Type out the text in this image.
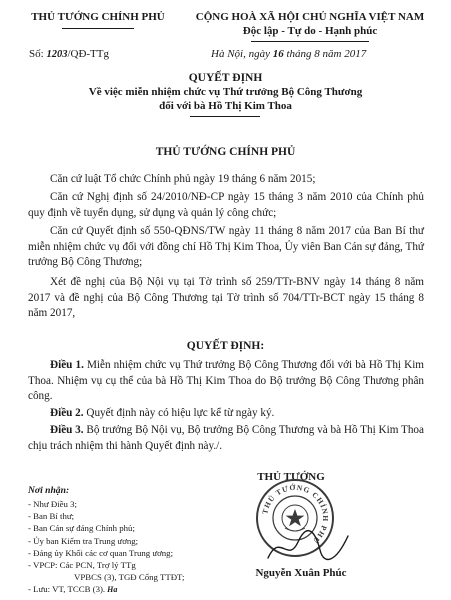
THỦ TƯỚNG CHÍNH PHỦ	CỘNG HOÀ XÃ HỘI CHỦ NGHĨA VIỆT NAM
Độc lập - Tự do - Hạnh phúc
Số: 1203/QĐ-TTg	Hà Nội, ngày 16 tháng 8 năm 2017
QUYẾT ĐỊNH
Về việc miễn nhiệm chức vụ Thứ trưởng Bộ Công Thương
đối với bà Hồ Thị Kim Thoa
THỦ TƯỚNG CHÍNH PHỦ
Căn cứ luật Tổ chức Chính phủ ngày 19 tháng 6 năm 2015;
Căn cứ Nghị định số 24/2010/NĐ-CP ngày 15 tháng 3 năm 2010 của Chính phủ quy định về tuyển dụng, sử dụng và quản lý công chức;
Căn cứ Quyết định số 550-QĐNS/TW ngày 11 tháng 8 năm 2017 của Ban Bí thư miễn nhiệm chức vụ đối với đồng chí Hồ Thị Kim Thoa, Ủy viên Ban Cán sự đảng, Thứ trưởng Bộ Công Thương;
Xét đề nghị của Bộ Nội vụ tại Tờ trình số 259/TTr-BNV ngày 14 tháng 8 năm 2017 và đề nghị của Bộ Công Thương tại Tờ trình số 704/TTr-BCT ngày 15 tháng 8 năm 2017,
QUYẾT ĐỊNH:
Điều 1. Miễn nhiệm chức vụ Thứ trưởng Bộ Công Thương đối với bà Hồ Thị Kim Thoa. Nhiệm vụ cụ thể của bà Hồ Thị Kim Thoa do Bộ trưởng Bộ Công Thương phân công.
Điều 2. Quyết định này có hiệu lực kể từ ngày ký.
Điều 3. Bộ trưởng Bộ Nội vụ, Bộ trưởng Bộ Công Thương và bà Hồ Thị Kim Thoa chịu trách nhiệm thi hành Quyết định này./.
THỦ TƯỚNG
THỦ TƯỚNG CHÍNH PHỦ
Nguyễn Xuân Phúc
Nơi nhận:
- Như Điều 3;
- Ban Bí thư;
- Ban Cán sự đảng Chính phủ;
- Ủy ban Kiểm tra Trung ương;
- Đảng ủy Khối các cơ quan Trung ương;
- VPCP: Các PCN, Trợ lý TTg
VPBCS (3), TGĐ Cổng TTĐT;
- Lưu: VT, TCCB (3). Ha
